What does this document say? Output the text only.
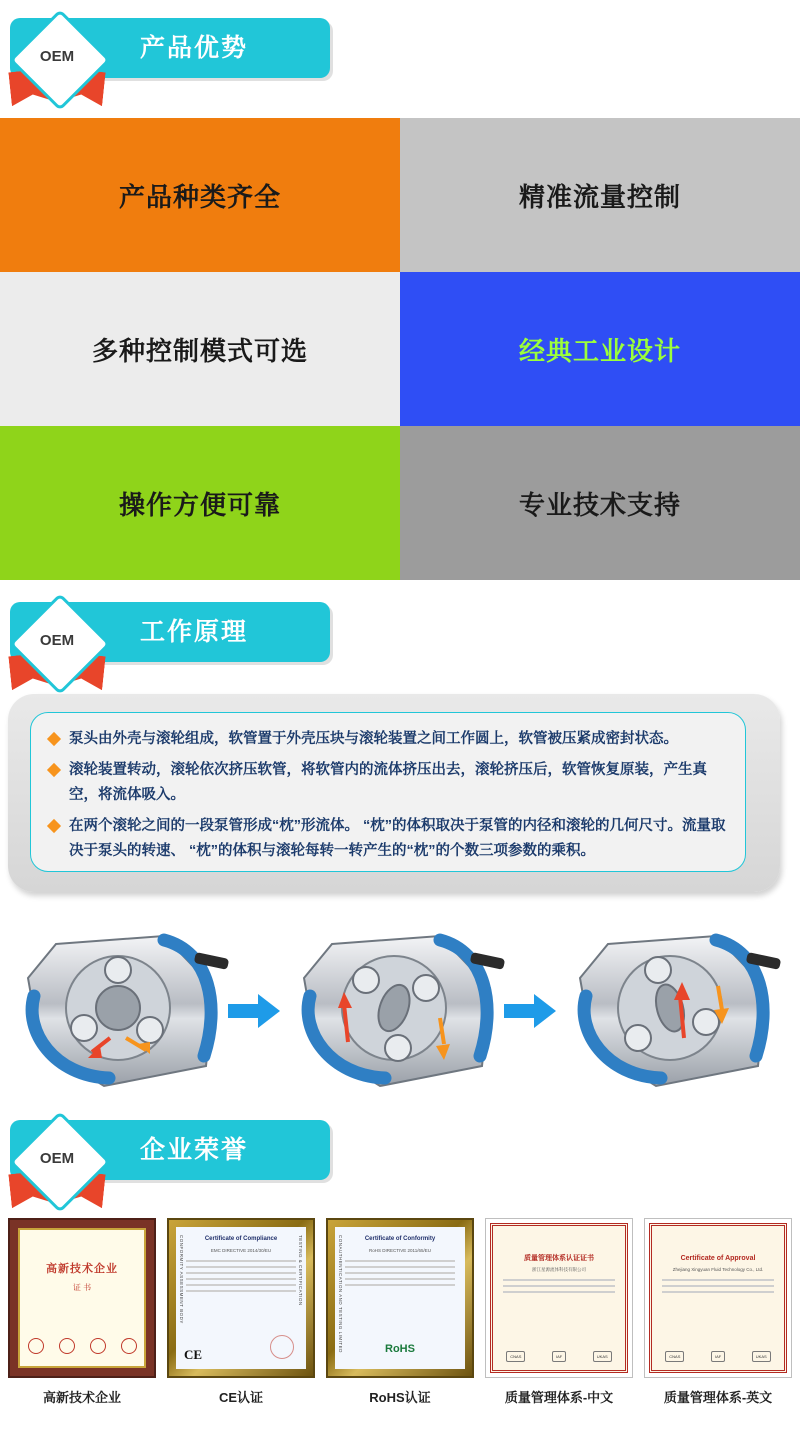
产品优势
OEM
产品种类齐全	精准流量控制
多种控制模式可选	经典工业设计
操作方便可靠	专业技术支持
工作原理
OEM
泵头由外壳与滚轮组成，软管置于外壳压块与滚轮装置之间工作圆上，软管被压紧成密封状态。
滚轮装置转动，滚轮依次挤压软管，将软管内的流体挤压出去，滚轮挤压后，软管恢复原装，产生真空，将流体吸入。
在两个滚轮之间的一段泵管形成“枕”形流体。 “枕”的体积取决于泵管的内径和滚轮的几何尺寸。流量取决于泵头的转速、 “枕”的体积与滚轮每转一转产生的“枕”的个数三项参数的乘积。
企业荣誉
OEM
高新技术企业
证 书
高新技术企业
CONFORMITY ASSESSMENT BODY	TESTING & CERTIFICATION
Certificate of Compliance
EMC DIRECTIVE 2014/30/EU
CE
CE认证
CONAUTHENTICATION AND TESTING LIMITED	Certificate of Conformity
RoHS DIRECTIVE 2011/65/EU
RoHS
RoHS认证
质量管理体系认证证书
浙江星源流体科技有限公司
CNAS	IAF	UKAS
质量管理体系-中文
Certificate of Approval
Zhejiang Xingyuan Fluid Technology Co., Ltd.
CNAS	IAF	UKAS
质量管理体系-英文
